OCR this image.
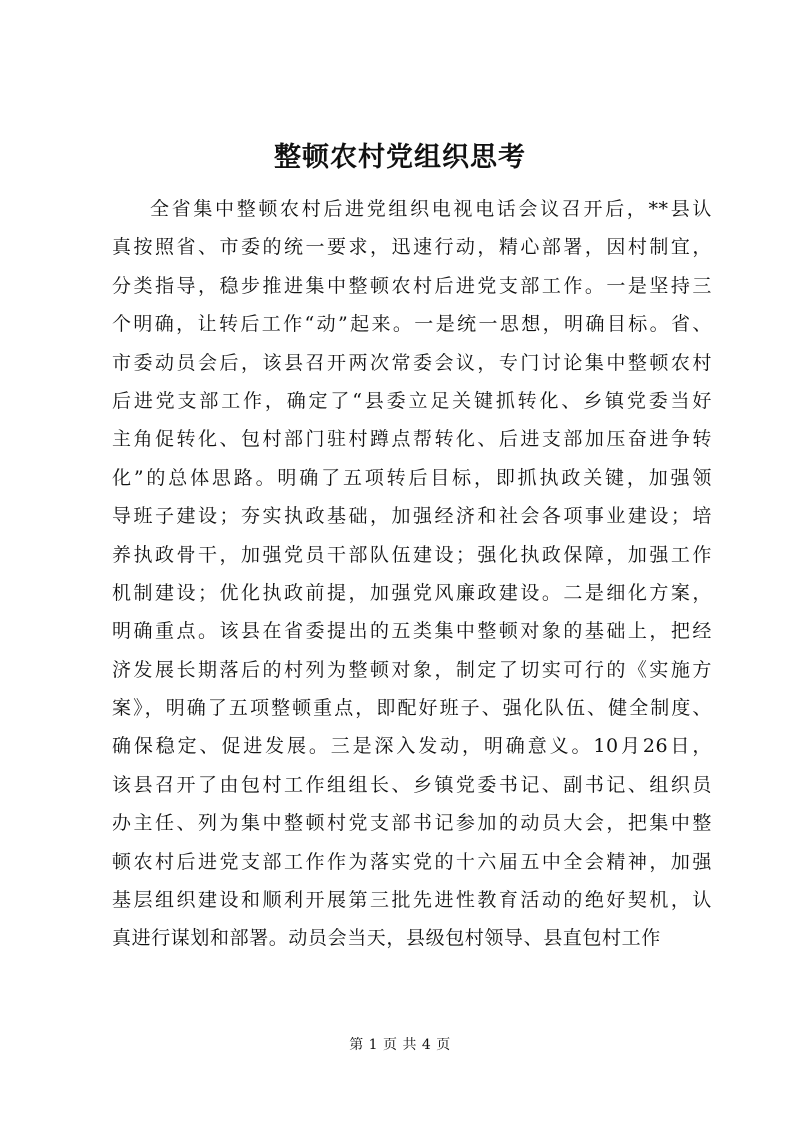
整顿农村党组织思考
全省集中整顿农村后进党组织电视电话会议召开后，**县认
真按照省、市委的统一要求，迅速行动，精心部署，因村制宜，
分类指导，稳步推进集中整顿农村后进党支部工作。一是坚持三
个明确，让转后工作“动”起来。一是统一思想，明确目标。省、
市委动员会后，该县召开两次常委会议，专门讨论集中整顿农村
后进党支部工作，确定了“县委立足关键抓转化、乡镇党委当好
主角促转化、包村部门驻村蹲点帮转化、后进支部加压奋进争转
化”的总体思路。明确了五项转后目标，即抓执政关键，加强领
导班子建设；夯实执政基础，加强经济和社会各项事业建设；培
养执政骨干，加强党员干部队伍建设；强化执政保障，加强工作
机制建设；优化执政前提，加强党风廉政建设。二是细化方案，
明确重点。该县在省委提出的五类集中整顿对象的基础上，把经
济发展长期落后的村列为整顿对象，制定了切实可行的《实施方
案》，明确了五项整顿重点，即配好班子、强化队伍、健全制度、
确保稳定、促进发展。三是深入发动，明确意义。10月26日，
该县召开了由包村工作组组长、乡镇党委书记、副书记、组织员
办主任、列为集中整顿村党支部书记参加的动员大会，把集中整
顿农村后进党支部工作作为落实党的十六届五中全会精神，加强
基层组织建设和顺利开展第三批先进性教育活动的绝好契机，认
真进行谋划和部署。动员会当天，县级包村领导、县直包村工作
第 1 页 共 4 页
